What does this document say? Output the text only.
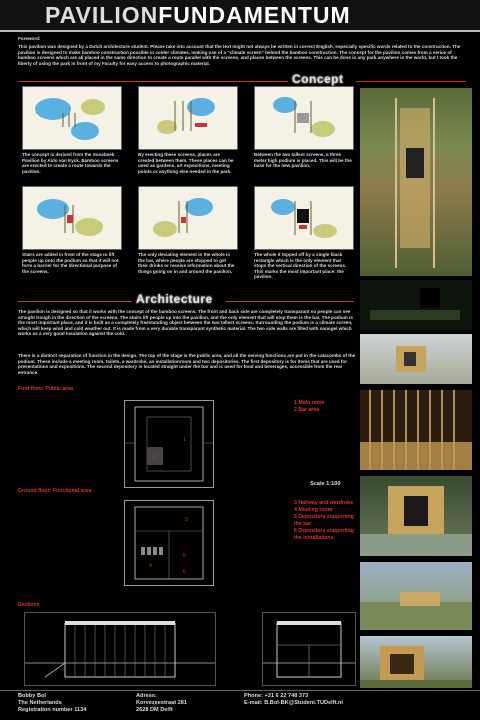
PAVILIONFUNDAMENTUM
Foreword:
This pavilion was designed by a Dutch architecture student. Please take into account that the text might not always be written in correct English, especially specific words related to the construction. The pavilion is designed to make bamboo construction possible in colder climates, making use of a “climate screen” behind the bamboo construction. The concept for the pavilion comes from a serice of bamboo screens which are all placed in the same direction to create a route parallel with the screens, and places between the screens. This can be done in any park anywhere in the world, but I took the liberty of using the park in front of my Faculty for easy access to photographic material.
Concept
The concept is derived from the Sonsbeek Pavilion by Aldo van Eyck. Bamboo screens are erected to create a route towards the pavilion.
By erecting these screens, places are created between them. These places can be used as gardens, art expositions, meeting points or anything else needed in the park.
Between the two tallest screens, a three meter high podium is placed. This will be the base for the new pavilion.
Stairs are added in front of the stage to lift people up onto the podium so that it will not form a barrier for the directional purpose of the screens.
The only deviating element in the whole is the bar, where people are stopped to get their drinks or receive information about the things going on in and around the pavilion.
The whole it topped off by a single black rectangle which is the only element that stops the vertical direction of the screens. This marks the most important place: the pavilion.
Architecture
The pavilion is designed so that it works with the concept of the bamboo screens. The front and back side are completely transparant so people can see straight trough in the direction of the screens. The stairs lift people up into the pavilion, and the only element that will stop them is the bar. The podium is the most important place, and it is built as a completely freestanding object between the two tallest screens. Surrounding the podium is a climate screen, which will keep wind and cold weather out. It is made from a very durable transparant synthetic material. The two side walls are filled with nanogel which works as a very good insulation against the cold.
There is a distinct separation of function in the design. The top of the stage is the public area, and all the serving functions are put in the catacombs of the podium. These include a meeting room, toilets, a wardrobe, an installationroom and two depositories. The first depository is for items that are used for presentations and expositions. The second depository is located straight under the bar and is used for food and beverages, accessible from the rear entrance.
First floor: Public area
1
2
1 Main room
2 Bar area
Scale 1:100
Ground floor: Functional area
3
4
5
6
3 Hallway and wardrobe
4 Meeting room
5 Depository supporting
the bar
6 Depository supporting
the installations
Sections
Bobby Bol
The Netherlands
Registration number 1134
Adress:
Korvezeestraat 281
2628 DM Delft
Phone: +31 6 22 748 373
E-mail: B.Bol-BK@Student.TUDelft.nl
